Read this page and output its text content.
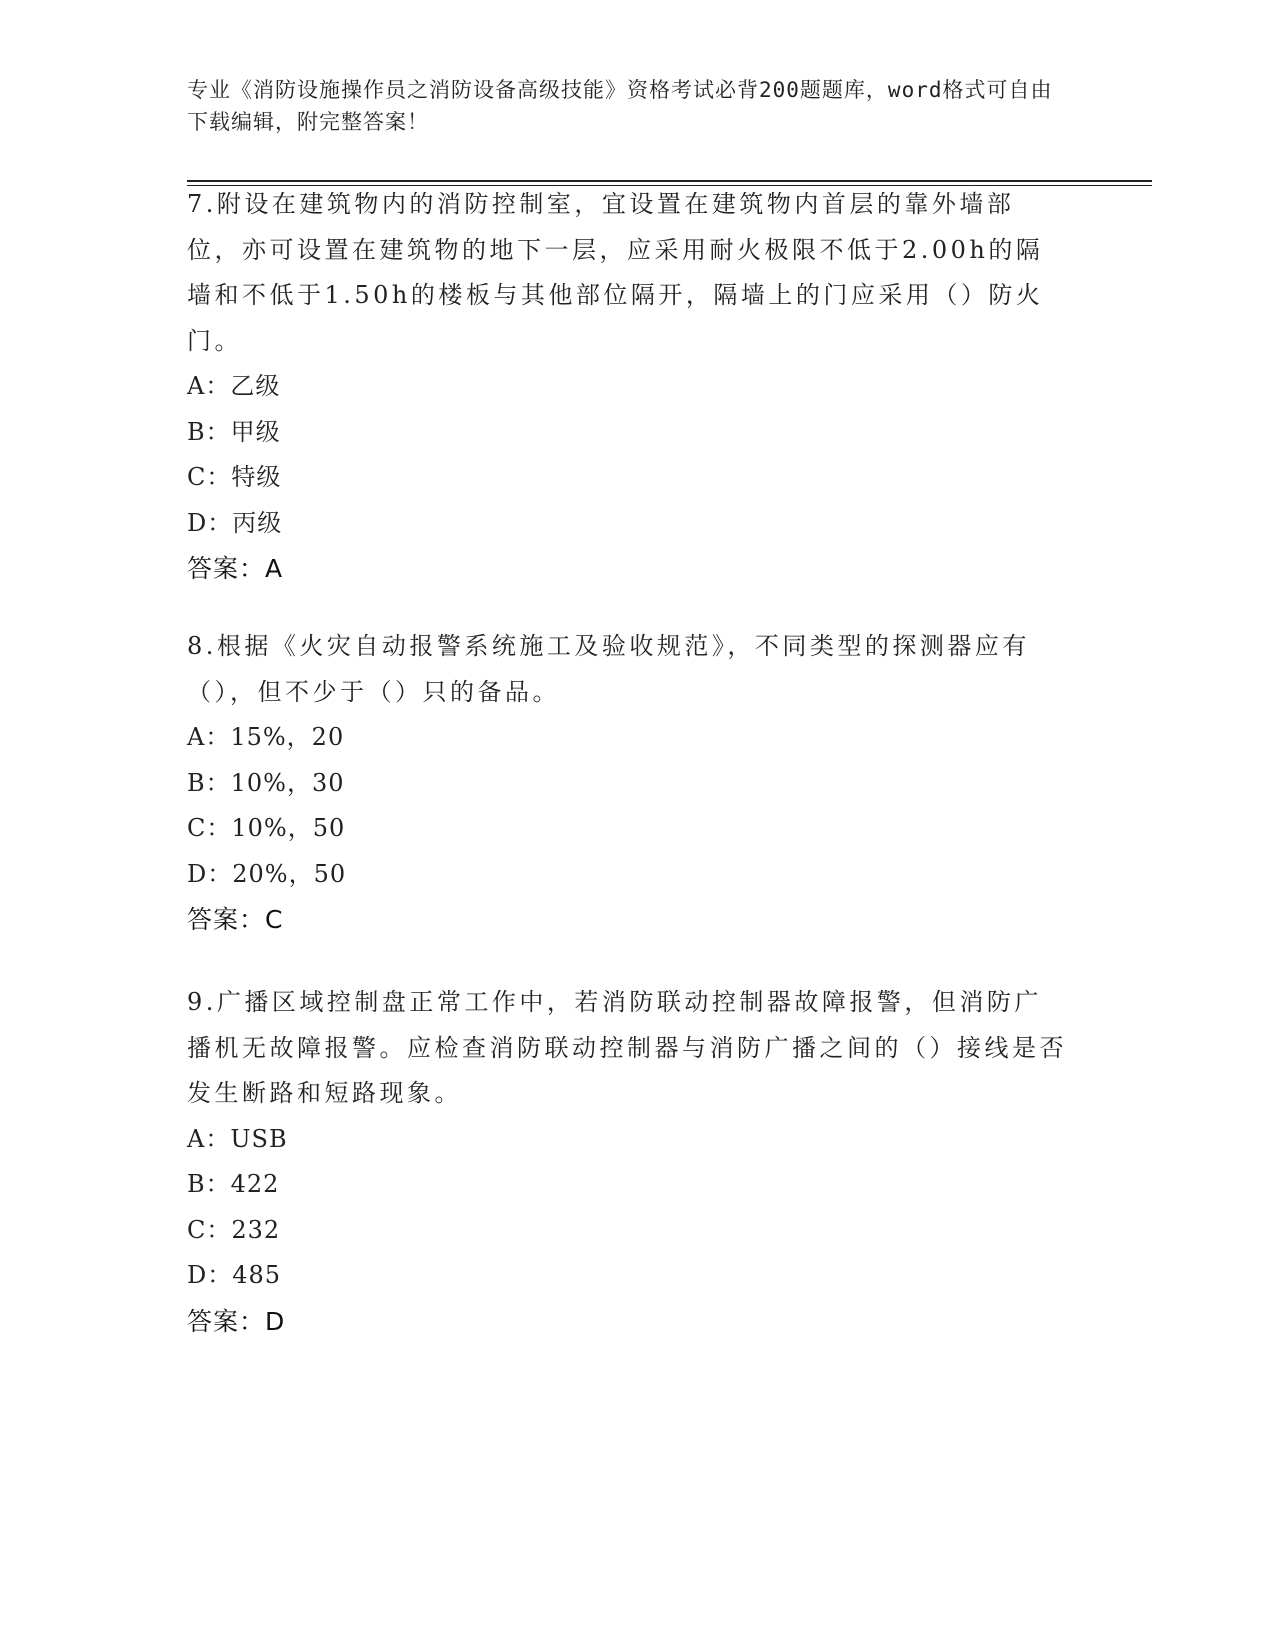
专业《消防设施操作员之消防设备高级技能》资格考试必背200题题库，word格式可自由下载编辑，附完整答案！

7.附设在建筑物内的消防控制室，宜设置在建筑物内首层的靠外墙部位，亦可设置在建筑物的地下一层，应采用耐火极限不低于2.00h的隔墙和不低于1.50h的楼板与其他部位隔开，隔墙上的门应采用（）防火门。

A：乙级
B：甲级
C：特级
D：丙级
答案：A

8.根据《火灾自动报警系统施工及验收规范》，不同类型的探测器应有（），但不少于（）只的备品。

A：15%，20
B：10%，30
C：10%，50
D：20%，50
答案：C

9.广播区域控制盘正常工作中，若消防联动控制器故障报警，但消防广播机无故障报警。应检查消防联动控制器与消防广播之间的（）接线是否发生断路和短路现象。

A：USB
B：422
C：232
D：485
答案：D
